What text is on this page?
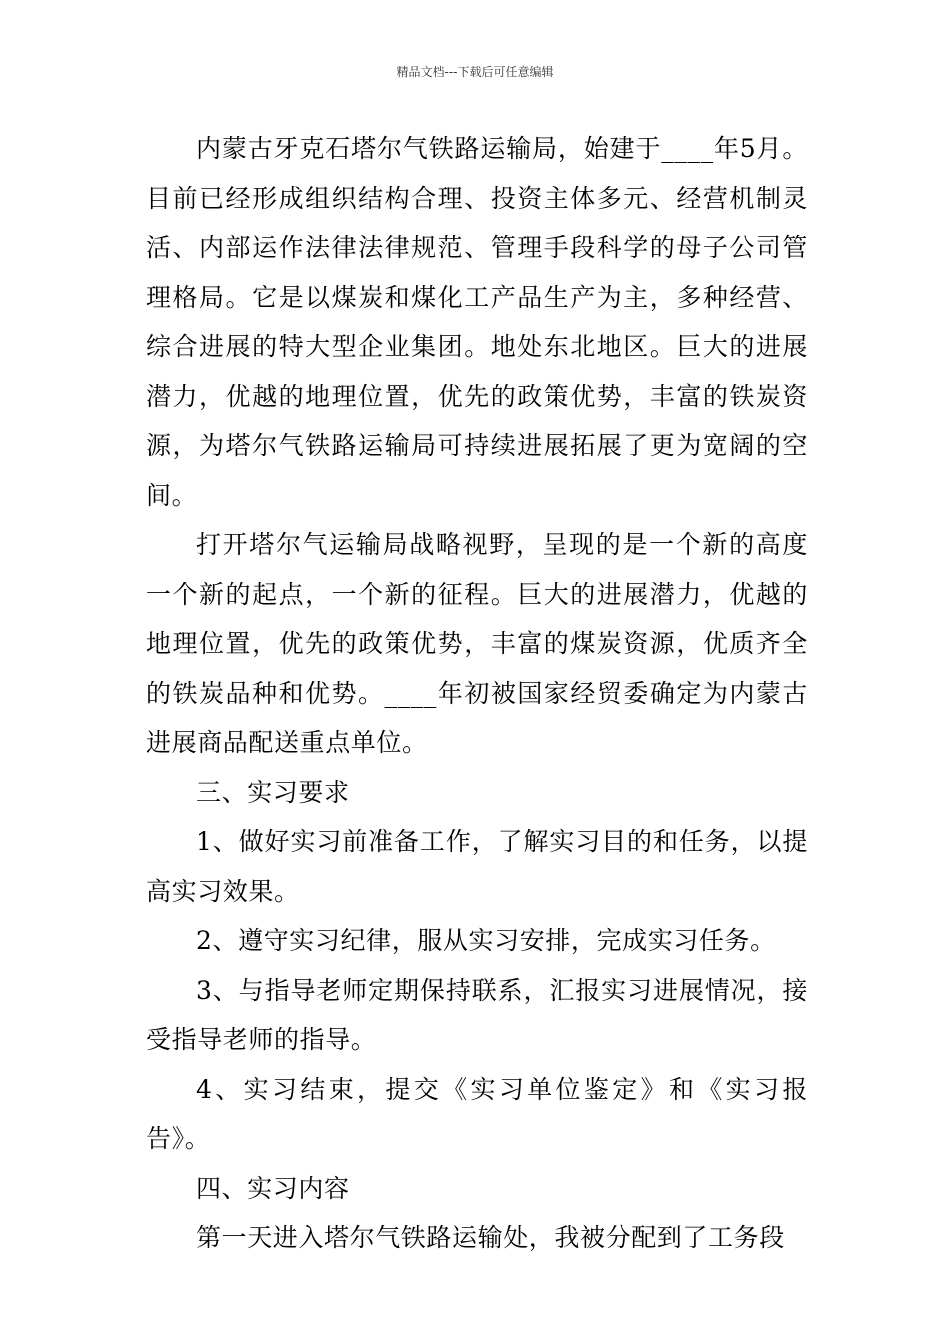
精品文档---下载后可任意编辑

内蒙古牙克石塔尔气铁路运输局，始建于____年5月。目前已经形成组织结构合理、投资主体多元、经营机制灵活、内部运作法律法律规范、管理手段科学的母子公司管理格局。它是以煤炭和煤化工产品生产为主，多种经营、综合进展的特大型企业集团。地处东北地区。巨大的进展潜力，优越的地理位置，优先的政策优势，丰富的铁炭资源，为塔尔气铁路运输局可持续进展拓展了更为宽阔的空间。

打开塔尔气运输局战略视野，呈现的是一个新的高度一个新的起点，一个新的征程。巨大的进展潜力，优越的地理位置，优先的政策优势，丰富的煤炭资源，优质齐全的铁炭品种和优势。____年初被国家经贸委确定为内蒙古进展商品配送重点单位。

三、实习要求

1、做好实习前准备工作，了解实习目的和任务，以提高实习效果。

2、遵守实习纪律，服从实习安排，完成实习任务。

3、与指导老师定期保持联系，汇报实习进展情况，接受指导老师的指导。

4、实习结束，提交《实习单位鉴定》和《实习报告》。

四、实习内容

第一天进入塔尔气铁路运输处，我被分配到了工务段
